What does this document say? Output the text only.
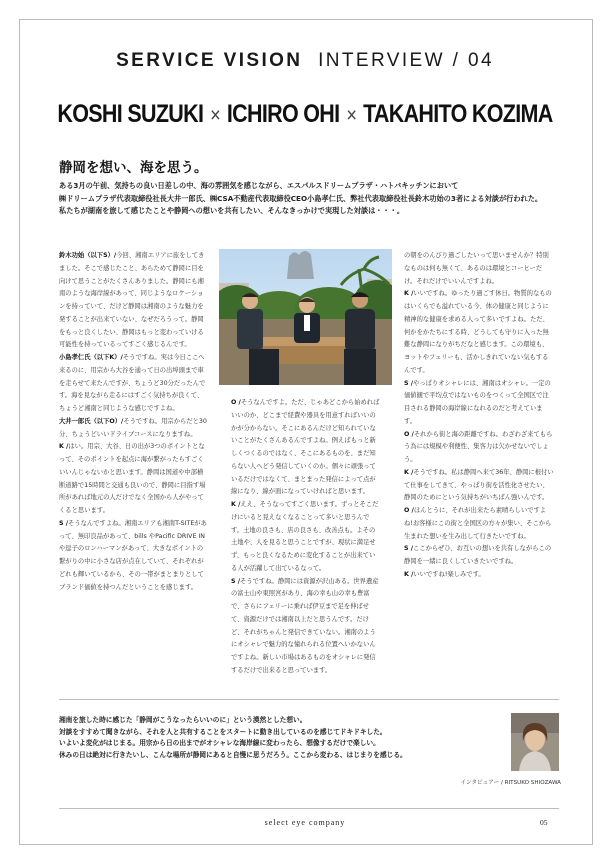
SERVICE VISION INTERVIEW / 04
KOSHI SUZUKI × ICHIRO OHI × TAKAHITO KOZIMA
静岡を想い、海を思う。
ある3月の午前、気持ちの良い日差しの中、海の雰囲気を感じながら、エスパルスドリームプラザ・ハトバキッチンにおいて
㈱ドリームプラザ代表取締役社長大井一郎氏、㈱CSA不動産代表取締役CEO小島孝仁氏、弊社代表取締役社長鈴木功始の3者による対談が行われた。
私たちが湖南を旅して感じたことや静岡への想いを共有したい、そんなきっかけで実現した対談は・・・。

鈴木功始（以下S）/今回、湘南エリアに旅をしてきました。そこで感じたこと、あらためて静岡に目を向けて思うことがたくさんありました。静岡にも湘南のような海岸線があって、同じようなロケーションを持っていて、だけど静岡は湘南のような魅力を発することが出来ていない、なぜだろうって。静岡をもっと良くしたい、静岡はもっと変わっていける可能性を持っているってすごく感じるんです。

小島孝仁氏（以下K）/そうですね。実は今日ここへ来るのに、用宗から大谷を通って日の出埠頭まで車を走らせて来たんですが、ちょうど30分だったんです。海を見ながら走るにはすごく気持ちが良くて、ちょうど湘南と同じような感じですよね。

大井一郎氏（以下O）/そうですね。用宗からだと30分、ちょうどいいドライブコースになりますね。

K /はい。用宗、大谷、日の出が3つのポイントとなって、そのポイントを起点に海が繋がったらすごくいいんじゃないかと思います。静岡は国道や中部横断道路で15時間と交通も良いので、静岡に目指す場所があれば地元の人だけでなく全国から人がやってくると思います。

S /そうなんですよね。湘南エリアも湘南T-SITEがあって、無印良品があって、bills やPacific DRIVE INや逗子のロンハーマンがあって、大きなポイントの繋がりの中に小さな店が点在していて、それぞれがどれも輝いているから、その一帯がまとまりとしてブランド価値を持つんだということを感じます。

O /そうなんですよ。ただ、じゃあどこから始めればいいのか、どこまで経費や器具を用意すればいいのかが分からない。そこにあるんだけど知られていないことがたくさんあるんですよね。例えばもっと新しくつくるのではなく、そこにあるものを、まだ知らない人へどう発信していくのか。個々に頑張っているだけではなくて、まとまった発信によって点が線になり、線が面になっていければと思います。

K /ええ、そうなってすごく思います。ずっとそこだけにいると見えなくなることって多いと思うんです。土地の良さも、店の良さも、改善点も。よその土地や、人を見ると思うことですが、現状に満足せず、もっと良くなるために変化することが出来ている人が活躍して出ているなって。

S /そうですね。静岡には資源が沢山ある。世界遺産の富士山や東照宮があり、海の幸も山の幸も豊富で、さらにフェリーに乗れば伊豆まで足を伸ばせて、資源だけでは湘南以上だと思うんです。だけど、それがちゃんと発信できていない。湘南のようにオシャレで魅力的な憧れられる位置へいかないんですよね。新しい市場はあるものをオシャレに発信するだけで出来ると思っています。

の朝をのんびり過ごしたいって思いませんか？特別なものは何も無くて、あるのは環境とコーヒーだけ。それだけでいいんですよね。

K /いいですね。ゆったり過ごす休日。物質的なものはいくらでも溢れている今、体の健康と同じように精神的な健康を求める人って多いですよね。ただ、何かをかたちにする時、どうしても守りに入った無難な静岡になりがちだなと感じます。この環境も、ヨットやフェリーも、活かしきれていない気もするんです。

S /やっぱりオシャレには、湘南はオシャレ。一定の価値観で平均点ではないものをつくって全国区で注目される静岡の海岸線になれるのだと考えています。

O /それから街と海の距離ですね。わざわざ来てもらう為には規模や利便性、集客力は欠かせないでしょう。

K /そうですね。私は静岡へ来て36年、静岡に根付いて仕事をしてきて、やっぱり街を活性化させたい、静岡のためにという気持ちがいちばん強いんです。

O /ほんとうに、それが出来たら素晴らしいですよね!お客様にこの街と全国区の方々が集い、そこから生まれた想いを生み出して行きたいですね。

S /ここからぜひ、お互いの想いを共有しながらこの静岡を一緒に良くしていきたいですね。

K /いいですね!楽しみです。

湘南を旅した時に感じた「静岡がこうなったらいいのに」という漠然とした想い。
対談をすすめて聞きながら、それを人と共有することをスタートに動き出しているのを感じてドキドキした。
いよいよ変化がはじまる。用宗から日の出までがオシャレな海岸線に変わったら、想像するだけで楽しい。
休みの日は絶対に行きたいし、こんな場所が静岡にあると自慢に思うだろう。ここから変わる、はじまりを感じる。
インタビュアー / RITSUKO SHIOZAWA
select eye company	05
